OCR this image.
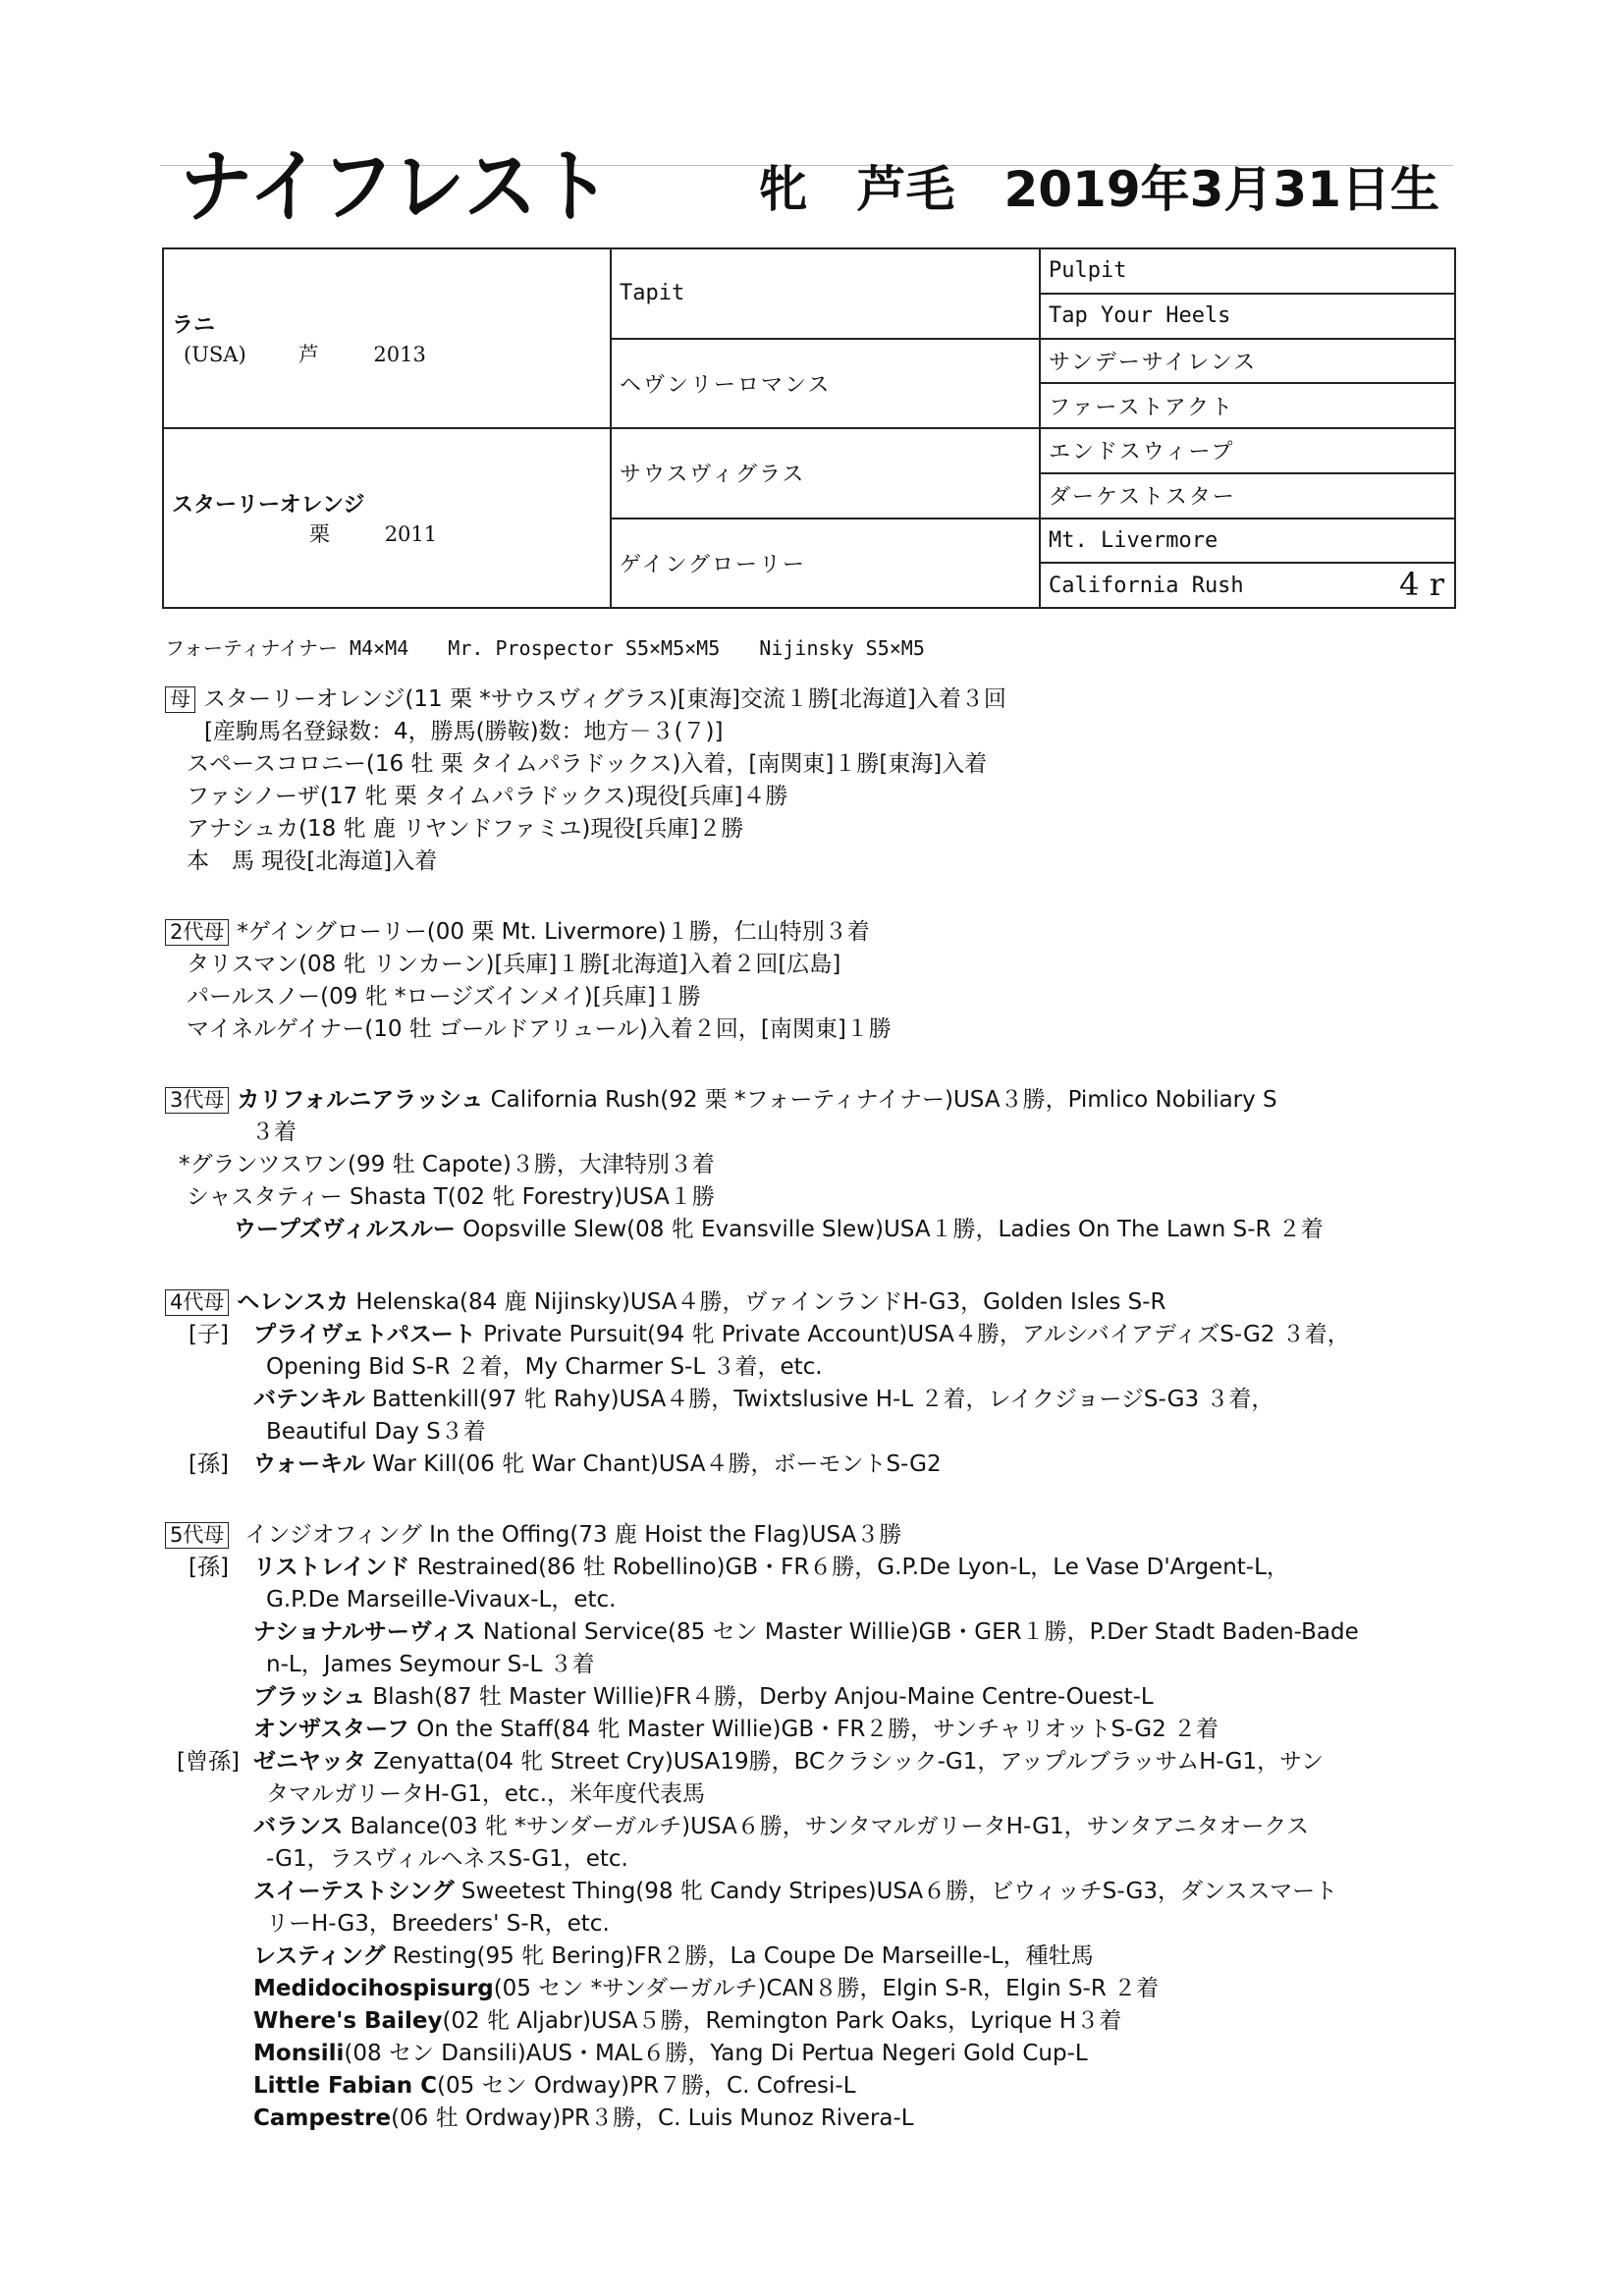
ナイフレスト	牝　芦毛　2019年3月31日生
ラニ
(USA) 芦 2013	Tapit	Pulpit
		Tap Your Heels
	ヘヴンリーロマンス	サンデーサイレンス
		ファーストアクト

スターリーオレンジ
栗 2011	サウスヴィグラス	エンドスウィープ
		ダーケストスター
	ゲイングローリー	Mt. Livermore
		California Rush 4 r
フォーティナイナー M4×M4 Mr. Prospector S5×M5×M5 Nijinsky S5×M5
母 スターリーオレンジ(11 栗 *サウスヴィグラス)[東海]交流１勝[北海道]入着３回
[産駒馬名登録数：4，勝馬(勝鞍)数：地方－３(７)]
スペースコロニー(16 牡 栗 タイムパラドックス)入着，[南関東]１勝[東海]入着
ファシノーザ(17 牝 栗 タイムパラドックス)現役[兵庫]４勝
アナシュカ(18 牝 鹿 リヤンドファミユ)現役[兵庫]２勝
本　馬 現役[北海道]入着
2代母 *ゲイングローリー(00 栗 Mt. Livermore)１勝，仁山特別３着
タリスマン(08 牝 リンカーン)[兵庫]１勝[北海道]入着２回[広島]
パールスノー(09 牝 *ロージズインメイ)[兵庫]１勝
マイネルゲイナー(10 牡 ゴールドアリュール)入着２回，[南関東]１勝
3代母 カリフォルニアラッシュ California Rush(92 栗 *フォーティナイナー)USA３勝，Pimlico Nobiliary S
３着
*グランツスワン(99 牡 Capote)３勝，大津特別３着
シャスタティー Shasta T(02 牝 Forestry)USA１勝
ウープズヴィルスルー Oopsville Slew(08 牝 Evansville Slew)USA１勝，Ladies On The Lawn S-R ２着
4代母 ヘレンスカ Helenska(84 鹿 Nijinsky)USA４勝，ヴァインランドH-G3，Golden Isles S-R
[子] プライヴェトパスート Private Pursuit(94 牝 Private Account)USA４勝，アルシバイアディズS-G2 ３着，
Opening Bid S-R ２着，My Charmer S-L ３着，etc.
バテンキル Battenkill(97 牝 Rahy)USA４勝，Twixtslusive H-L ２着，レイクジョージS-G3 ３着，
Beautiful Day S３着
[孫] ウォーキル War Kill(06 牝 War Chant)USA４勝，ボーモントS-G2
5代母 インジオフィング In the Offing(73 鹿 Hoist the Flag)USA３勝
[孫] リストレインド Restrained(86 牡 Robellino)GB・FR６勝，G.P.De Lyon-L，Le Vase D'Argent-L，
G.P.De Marseille-Vivaux-L，etc.
ナショナルサーヴィス National Service(85 セン Master Willie)GB・GER１勝，P.Der Stadt Baden-Bade
n-L，James Seymour S-L ３着
ブラッシュ Blash(87 牡 Master Willie)FR４勝，Derby Anjou-Maine Centre-Ouest-L
オンザスターフ On the Staff(84 牝 Master Willie)GB・FR２勝，サンチャリオットS-G2 ２着
[曾孫] ゼニヤッタ Zenyatta(04 牝 Street Cry)USA19勝，BCクラシック-G1，アップルブラッサムH-G1，サン
タマルガリータH-G1，etc.，米年度代表馬
バランス Balance(03 牝 *サンダーガルチ)USA６勝，サンタマルガリータH-G1，サンタアニタオークス
-G1，ラスヴィルヘネスS-G1，etc.
スイーテストシング Sweetest Thing(98 牝 Candy Stripes)USA６勝，ビウィッチS-G3，ダンススマート
リーH-G3，Breeders' S-R，etc.
レスティング Resting(95 牝 Bering)FR２勝，La Coupe De Marseille-L，種牡馬
Medidocihospisurg(05 セン *サンダーガルチ)CAN８勝，Elgin S-R，Elgin S-R ２着
Where's Bailey(02 牝 Aljabr)USA５勝，Remington Park Oaks，Lyrique H３着
Monsili(08 セン Dansili)AUS・MAL６勝，Yang Di Pertua Negeri Gold Cup-L
Little Fabian C(05 セン Ordway)PR７勝，C. Cofresi-L
Campestre(06 牡 Ordway)PR３勝，C. Luis Munoz Rivera-L
